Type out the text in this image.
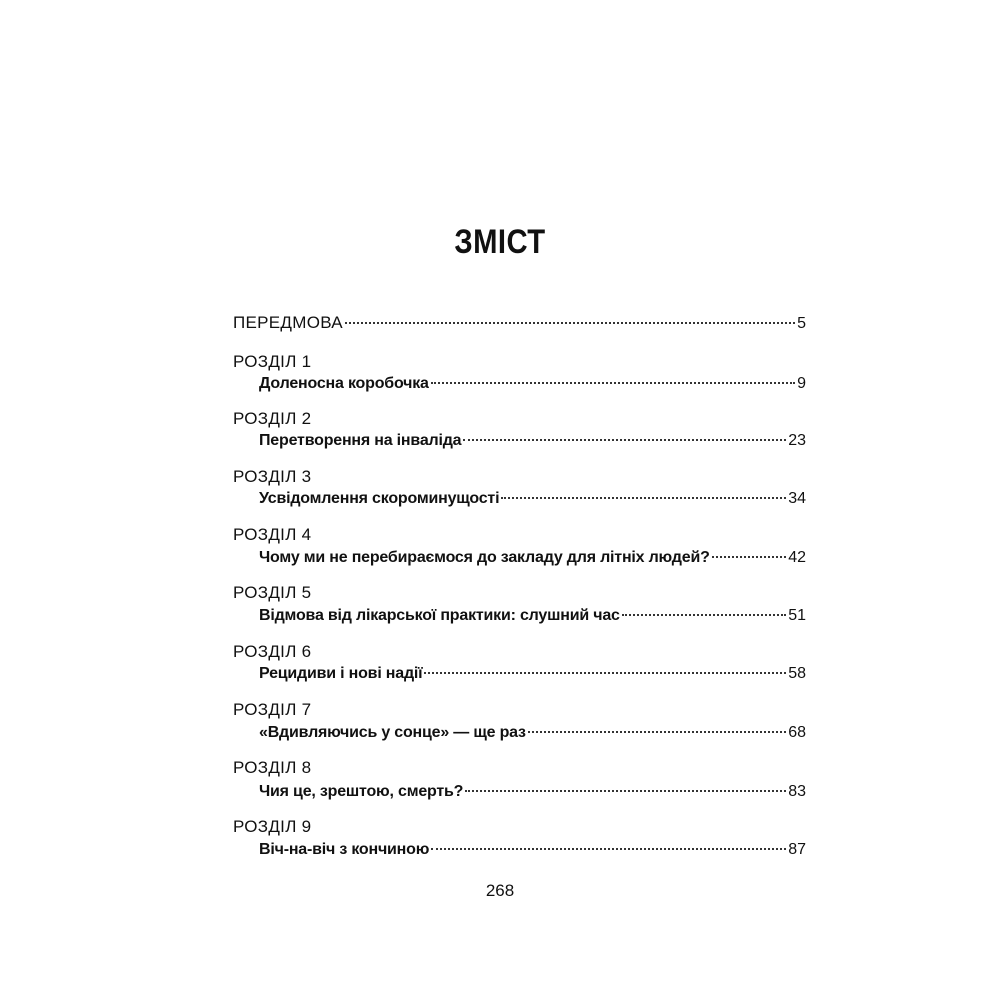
ЗМІСТ
ПЕРЕДМОВА	5
РОЗДІЛ 1
Доленосна коробочка	9
РОЗДІЛ 2
Перетворення на інваліда	23
РОЗДІЛ 3
Усвідомлення скороминущості	34
РОЗДІЛ 4
Чому ми не перебираємося до закладу для літніх людей?	42
РОЗДІЛ 5
Відмова від лікарської практики: слушний час	51
РОЗДІЛ 6
Рецидиви і нові надії	58
РОЗДІЛ 7
«Вдивляючись у сонце» — ще раз	68
РОЗДІЛ 8
Чия це, зрештою, смерть?	83
РОЗДІЛ 9
Віч-на-віч з кончиною	87
268
